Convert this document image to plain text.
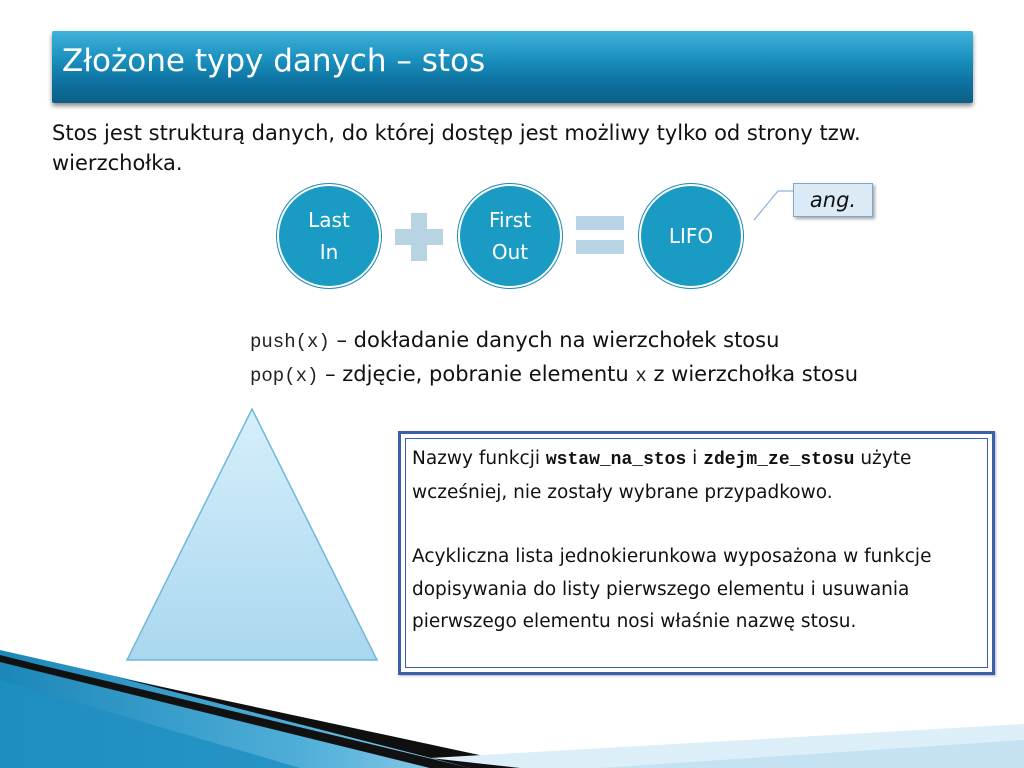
Złożone typy danych – stos
Stos jest strukturą danych, do której dostęp jest możliwy tylko od strony tzw. wierzchołka.
Last
In
First
Out
LIFO
ang.
push(x) – dokładanie danych na wierzchołek stosu
pop(x) – zdjęcie, pobranie elementu x z wierzchołka stosu

Nazwy funkcji wstaw_na_stos i zdejm_ze_stosu użyte wcześniej, nie zostały wybrane przypadkowo.

Acykliczna lista jednokierunkowa wyposażona w funkcje dopisywania do listy pierwszego elementu i usuwania pierwszego elementu nosi właśnie nazwę stosu.
